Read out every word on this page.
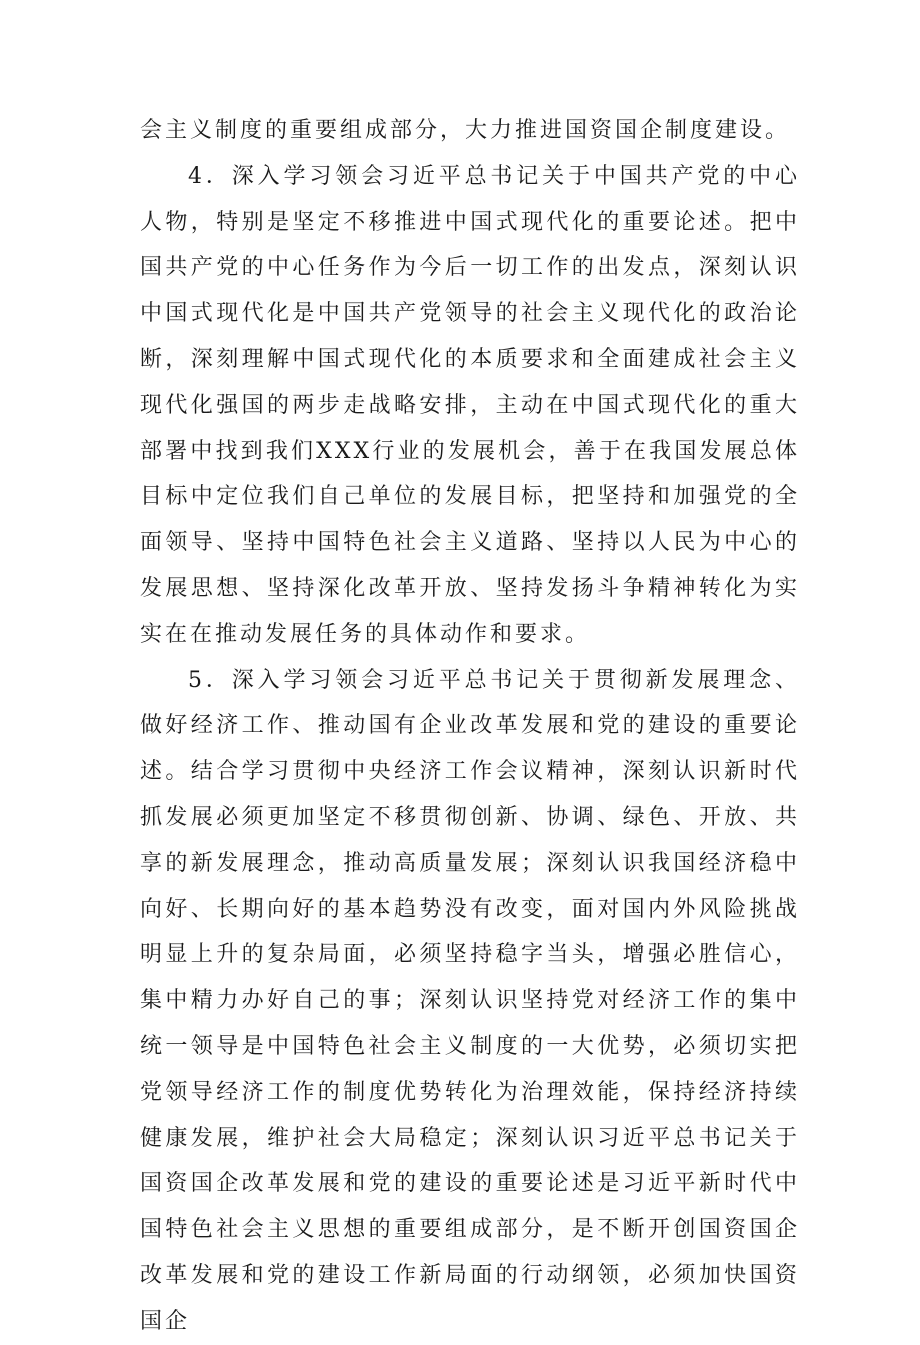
会主义制度的重要组成部分，大力推进国资国企制度建设。

4．深入学习领会习近平总书记关于中国共产党的中心人物，特别是坚定不移推进中国式现代化的重要论述。把中国共产党的中心任务作为今后一切工作的出发点，深刻认识中国式现代化是中国共产党领导的社会主义现代化的政治论断，深刻理解中国式现代化的本质要求和全面建成社会主义现代化强国的两步走战略安排，主动在中国式现代化的重大部署中找到我们XXX行业的发展机会，善于在我国发展总体目标中定位我们自己单位的发展目标，把坚持和加强党的全面领导、坚持中国特色社会主义道路、坚持以人民为中心的发展思想、坚持深化改革开放、坚持发扬斗争精神转化为实实在在推动发展任务的具体动作和要求。

5．深入学习领会习近平总书记关于贯彻新发展理念、做好经济工作、推动国有企业改革发展和党的建设的重要论述。结合学习贯彻中央经济工作会议精神，深刻认识新时代抓发展必须更加坚定不移贯彻创新、协调、绿色、开放、共享的新发展理念，推动高质量发展；深刻认识我国经济稳中向好、长期向好的基本趋势没有改变，面对国内外风险挑战明显上升的复杂局面，必须坚持稳字当头，增强必胜信心，集中精力办好自己的事；深刻认识坚持党对经济工作的集中统一领导是中国特色社会主义制度的一大优势，必须切实把党领导经济工作的制度优势转化为治理效能，保持经济持续健康发展，维护社会大局稳定；深刻认识习近平总书记关于国资国企改革发展和党的建设的重要论述是习近平新时代中国特色社会主义思想的重要组成部分，是不断开创国资国企改革发展和党的建设工作新局面的行动纲领，必须加快国资国企
